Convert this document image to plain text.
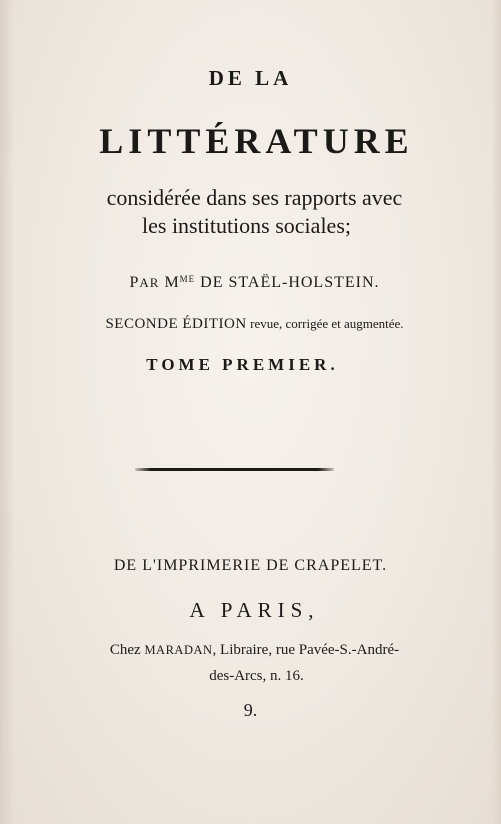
DE LA
LITTÉRATURE
considérée dans ses rapports avec
les institutions sociales;
PAR $M^{ME}$ DE STAËL-HOLSTEIN.
SECONDE ÉDITION revue, corrigée et augmentée.
TOME PREMIER.
DE L'IMPRIMERIE DE CRAPELET.
A PARIS,
Chez MARADAN, Libraire, rue Pavée-S.-André-
des-Arcs, n. 16.
9.
